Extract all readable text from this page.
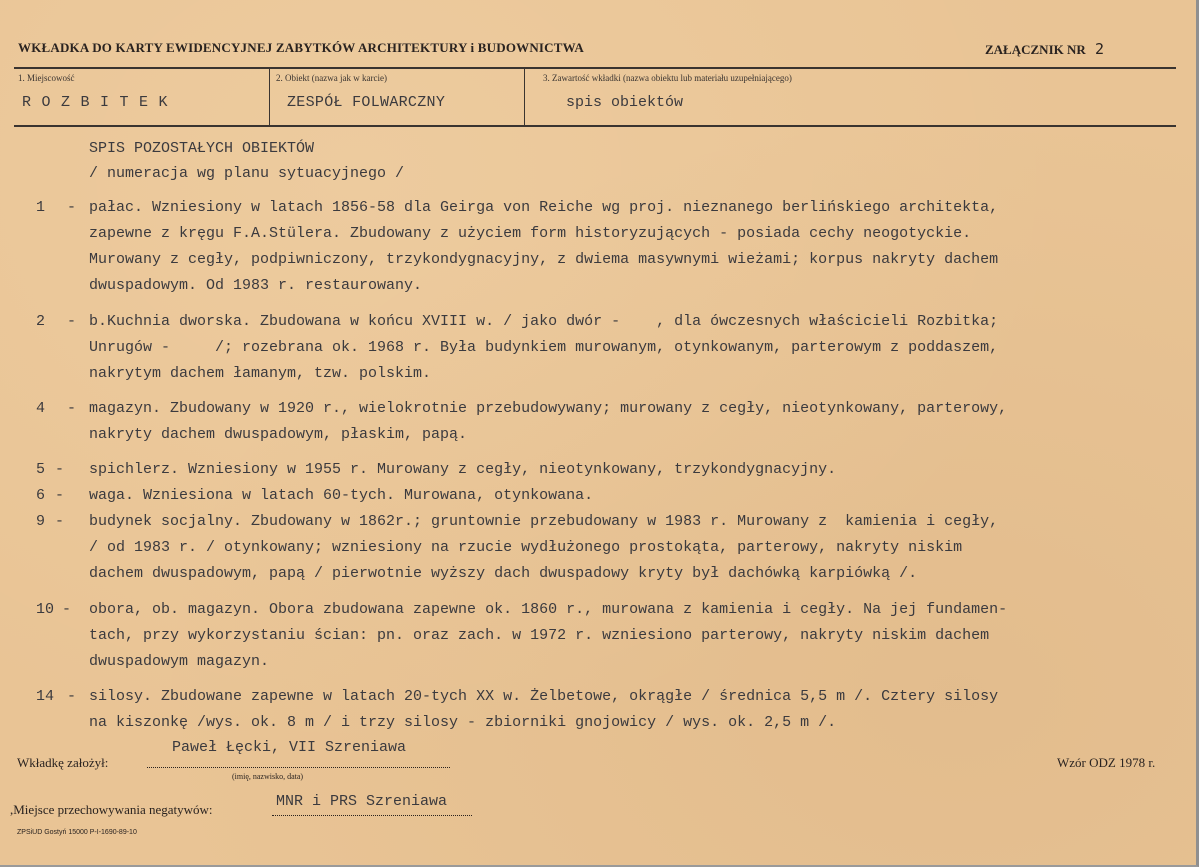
WKŁADKA DO KARTY EWIDENCYJNEJ ZABYTKÓW ARCHITEKTURY i BUDOWNICTWA	ZAŁĄCZNIK NR 2
1. Miejscowość	2. Obiekt (nazwa jak w karcie)	3. Zawartość wkładki (nazwa obiektu lub materiału uzupełniającego)
ROZBITEK	ZESPÓŁ FOLWARCZNY	spis obiektów
SPIS POZOSTAŁYCH OBIEKTÓW
/ numeracja wg planu sytuacyjnego /
1 - pałac. Wzniesiony w latach 1856-58 dla Geirga von Reiche wg proj. nieznanego berlińskiego architekta,
zapewne z kręgu F.A.Stülera. Zbudowany z użyciem form historyzujących - posiada cechy neogotyckie.
Murowany z cegły, podpiwniczony, trzykondygnacyjny, z dwiema masywnymi wieżami; korpus nakryty dachem
dwuspadowym. Od 1983 r. restaurowany.
2 - b.Kuchnia dworska. Zbudowana w końcu XVIII w. / jako dwór -    , dla ówczesnych właścicieli Rozbitka;
Unrugów -     /; rozebrana ok. 1968 r. Była budynkiem murowanym, otynkowanym, parterowym z poddaszem,
nakrytym dachem łamanym, tzw. polskim.
4 - magazyn. Zbudowany w 1920 r., wielokrotnie przebudowywany; murowany z cegły, nieotynkowany, parterowy,
nakryty dachem dwuspadowym, płaskim, papą.
5 - spichlerz. Wzniesiony w 1955 r. Murowany z cegły, nieotynkowany, trzykondygnacyjny.
6 - waga. Wzniesiona w latach 60-tych. Murowana, otynkowana.
9 - budynek socjalny. Zbudowany w 1862r.; gruntownie przebudowany w 1983 r. Murowany z  kamienia i cegły,
/ od 1983 r. / otynkowany; wzniesiony na rzucie wydłużonego prostokąta, parterowy, nakryty niskim
dachem dwuspadowym, papą / pierwotnie wyższy dach dwuspadowy kryty był dachówką karpiówką /.
10 - obora, ob. magazyn. Obora zbudowana zapewne ok. 1860 r., murowana z kamienia i cegły. Na jej fundamen-
tach, przy wykorzystaniu ścian: pn. oraz zach. w 1972 r. wzniesiono parterowy, nakryty niskim dachem
dwuspadowym magazyn.
14 - silosy. Zbudowane zapewne w latach 20-tych XX w. Żelbetowe, okrągłe / średnica 5,5 m /. Cztery silosy
na kiszonkę /wys. ok. 8 m / i trzy silosy - zbiorniki gnojowicy / wys. ok. 2,5 m /.
Paweł Łęcki, VII Szreniawa
Wkładkę założył:
(imię, nazwisko, data)
Wzór ODZ 1978 r.
MNR i PRS Szreniawa
,Miejsce przechowywania negatywów:
ZPSiUD Gostyń 15000 P-I-1690-89-10
